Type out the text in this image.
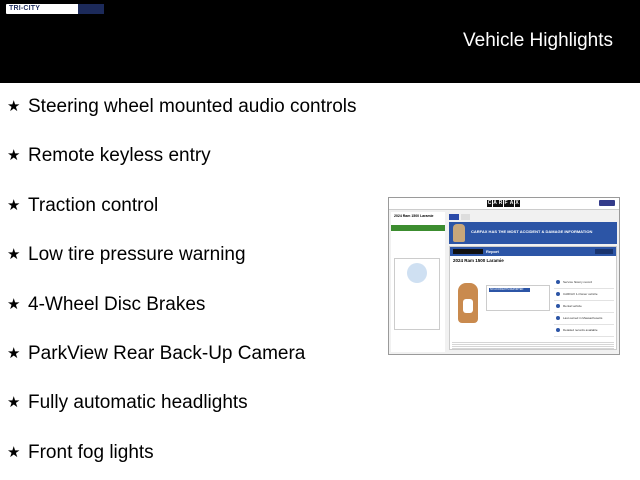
TRI-CITY
Vehicle Highlights
★ Steering wheel mounted audio controls
★ Remote keyless entry
★ Traction control
★ Low tire pressure warning
★ 4-Wheel Disc Brakes
★ ParkView Rear Back-Up Camera
★ Fully automatic headlights
★ Front fog lights
C A R F A X
2024 Ram 1500 Laramie

CARFAX HAS THE MOST ACCIDENT & DAMAGE INFORMATION
Report
2024 Ram 1500 Laramie
NO ACCIDENTS REPORTED
Service history record
CARFAX 1-Owner vehicle
Rental vehicle
Last owned in Massachusetts
Detailed records available
